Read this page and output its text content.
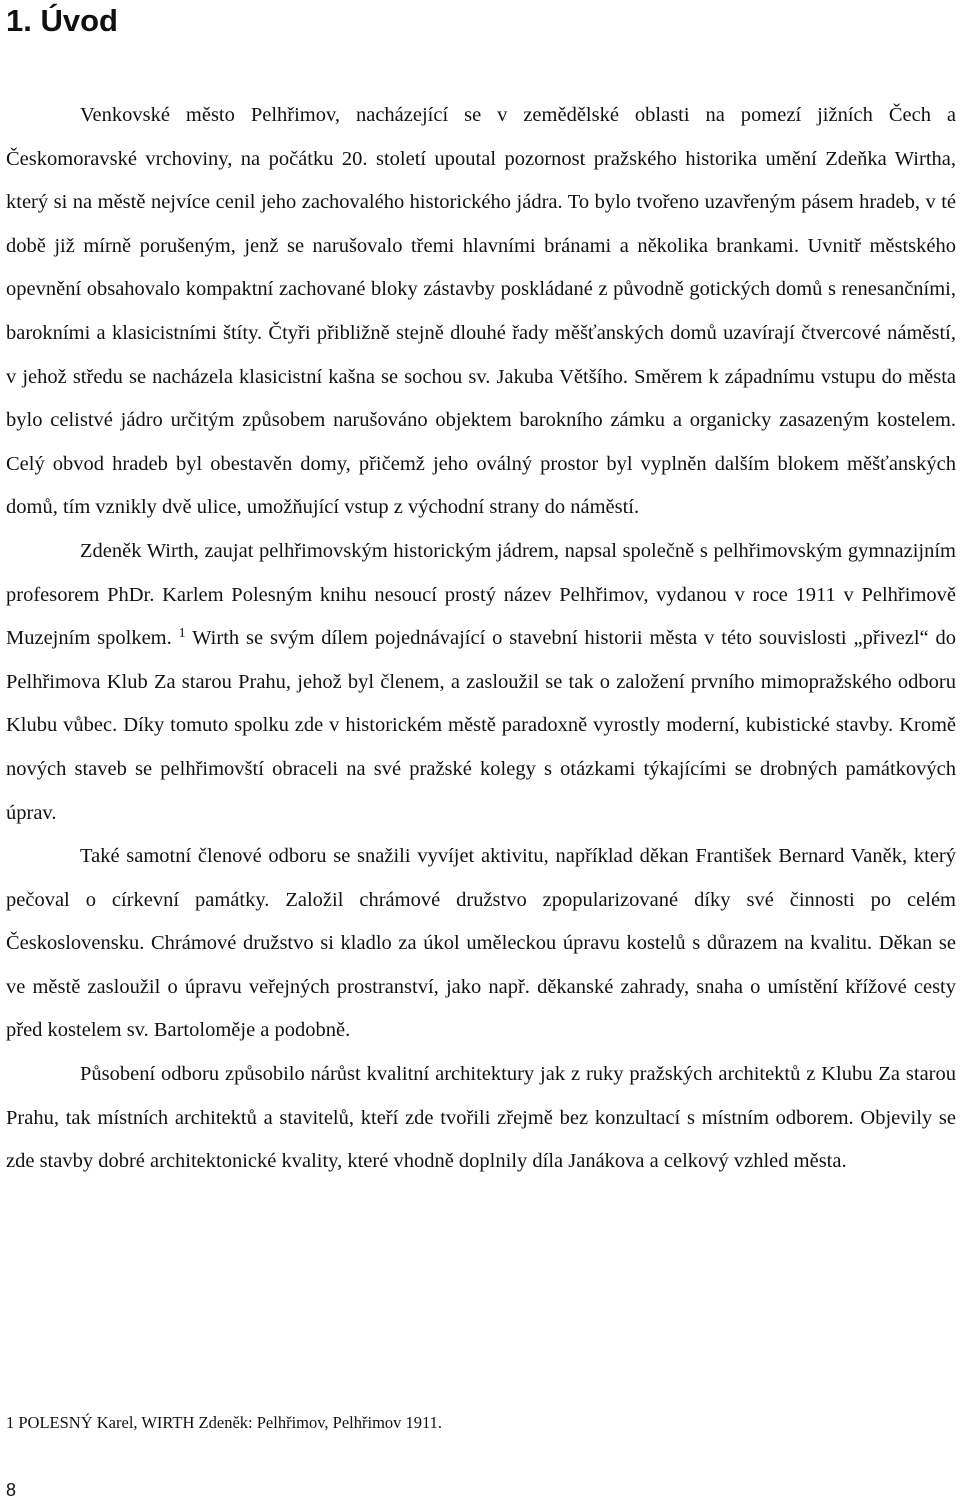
1. Úvod

Venkovské město Pelhřimov, nacházející se v zemědělské oblasti na pomezí jižních Čech a Českomoravské vrchoviny, na počátku 20. století upoutal pozornost pražského historika umění Zdeňka Wirtha, který si na městě nejvíce cenil jeho zachovalého historického jádra. To bylo tvořeno uzavřeným pásem hradeb, v té době již mírně porušeným, jenž se narušovalo třemi hlavními bránami a několika brankami. Uvnitř městského opevnění obsahovalo kompaktní zachované bloky zástavby poskládané z původně gotických domů s renesančními, barokními a klasicistními štíty. Čtyři přibližně stejně dlouhé řady měšťanských domů uzavírají čtvercové náměstí, v jehož středu se nacházela klasicistní kašna se sochou sv. Jakuba Většího. Směrem k západnímu vstupu do města bylo celistvé jádro určitým způsobem narušováno objektem barokního zámku a organicky zasazeným kostelem. Celý obvod hradeb byl obestavěn domy, přičemž jeho oválný prostor byl vyplněn dalším blokem měšťanských domů, tím vznikly dvě ulice, umožňující vstup z východní strany do náměstí.

Zdeněk Wirth, zaujat pelhřimovským historickým jádrem, napsal společně s pelhřimovským gymnazijním profesorem PhDr. Karlem Polesným knihu nesoucí prostý název Pelhřimov, vydanou v roce 1911 v Pelhřimově Muzejním spolkem. $^1$ Wirth se svým dílem pojednávající o stavební historii města v této souvislosti „přivezl“ do Pelhřimova Klub Za starou Prahu, jehož byl členem, a zasloužil se tak o založení prvního mimopražského odboru Klubu vůbec. Díky tomuto spolku zde v historickém městě paradoxně vyrostly moderní, kubistické stavby. Kromě nových staveb se pelhřimovští obraceli na své pražské kolegy s otázkami týkajícími se drobných památkových úprav.

Také samotní členové odboru se snažili vyvíjet aktivitu, například děkan František Bernard Vaněk, který pečoval o církevní památky. Založil chrámové družstvo zpopularizované díky své činnosti po celém Československu. Chrámové družstvo si kladlo za úkol uměleckou úpravu kostelů s důrazem na kvalitu. Děkan se ve městě zasloužil o úpravu veřejných prostranství, jako např. děkanské zahrady, snaha o umístění křížové cesty před kostelem sv. Bartoloměje a podobně.

Působení odboru způsobilo nárůst kvalitní architektury jak z ruky pražských architektů z Klubu Za starou Prahu, tak místních architektů a stavitelů, kteří zde tvořili zřejmě bez konzultací s místním odborem. Objevily se zde stavby dobré architektonické kvality, které vhodně doplnily díla Janákova a celkový vzhled města.

1 POLESNÝ Karel, WIRTH Zdeněk: Pelhřimov, Pelhřimov 1911.
8
